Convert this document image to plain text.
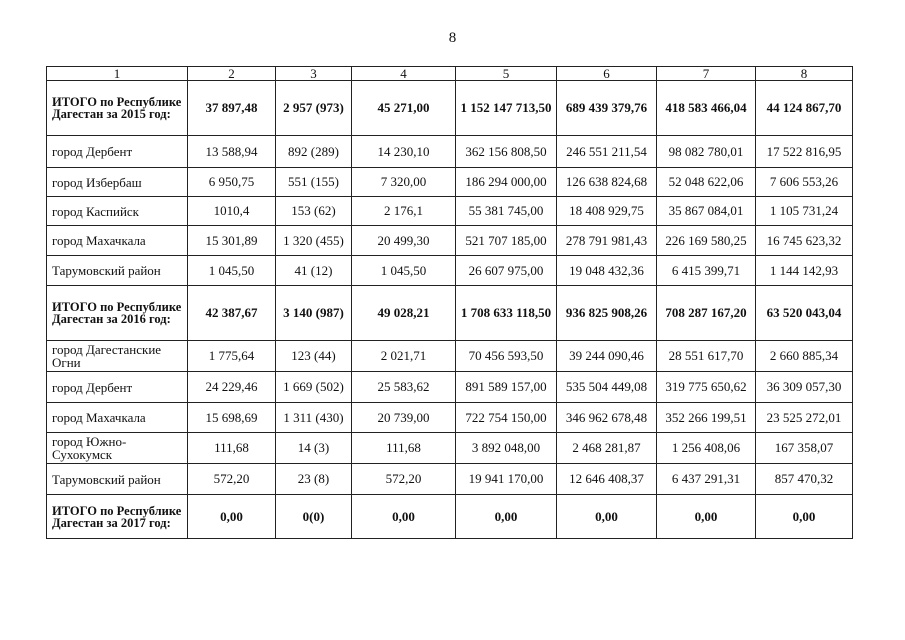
8
1	2	3	4	5	6	7	8
ИТОГО по Республике Дагестан за 2015 год:	37 897,48	2 957 (973)	45 271,00	1 152 147 713,50	689 439 379,76	418 583 466,04	44 124 867,70
город Дербент	13 588,94	892 (289)	14 230,10	362 156 808,50	246 551 211,54	98 082 780,01	17 522 816,95
город Избербаш	6 950,75	551 (155)	7 320,00	186 294 000,00	126 638 824,68	52 048 622,06	7 606 553,26
город Каспийск	1010,4	153 (62)	2 176,1	55 381 745,00	18 408 929,75	35 867 084,01	1 105 731,24
город Махачкала	15 301,89	1 320 (455)	20 499,30	521 707 185,00	278 791 981,43	226 169 580,25	16 745 623,32
Тарумовский район	1 045,50	41 (12)	1 045,50	26 607 975,00	19 048 432,36	6 415 399,71	1 144 142,93
ИТОГО по Республике Дагестан за 2016 год:	42 387,67	3 140 (987)	49 028,21	1 708 633 118,50	936 825 908,26	708 287 167,20	63 520 043,04
город Дагестанские Огни	1 775,64	123 (44)	2 021,71	70 456 593,50	39 244 090,46	28 551 617,70	2 660 885,34
город Дербент	24 229,46	1 669 (502)	25 583,62	891 589 157,00	535 504 449,08	319 775 650,62	36 309 057,30
город Махачкала	15 698,69	1 311 (430)	20 739,00	722 754 150,00	346 962 678,48	352 266 199,51	23 525 272,01
город Южно-Сухокумск	111,68	14 (3)	111,68	3 892 048,00	2 468 281,87	1 256 408,06	167 358,07
Тарумовский район	572,20	23 (8)	572,20	19 941 170,00	12 646 408,37	6 437 291,31	857 470,32
ИТОГО по Республике Дагестан за 2017 год:	0,00	0(0)	0,00	0,00	0,00	0,00	0,00
